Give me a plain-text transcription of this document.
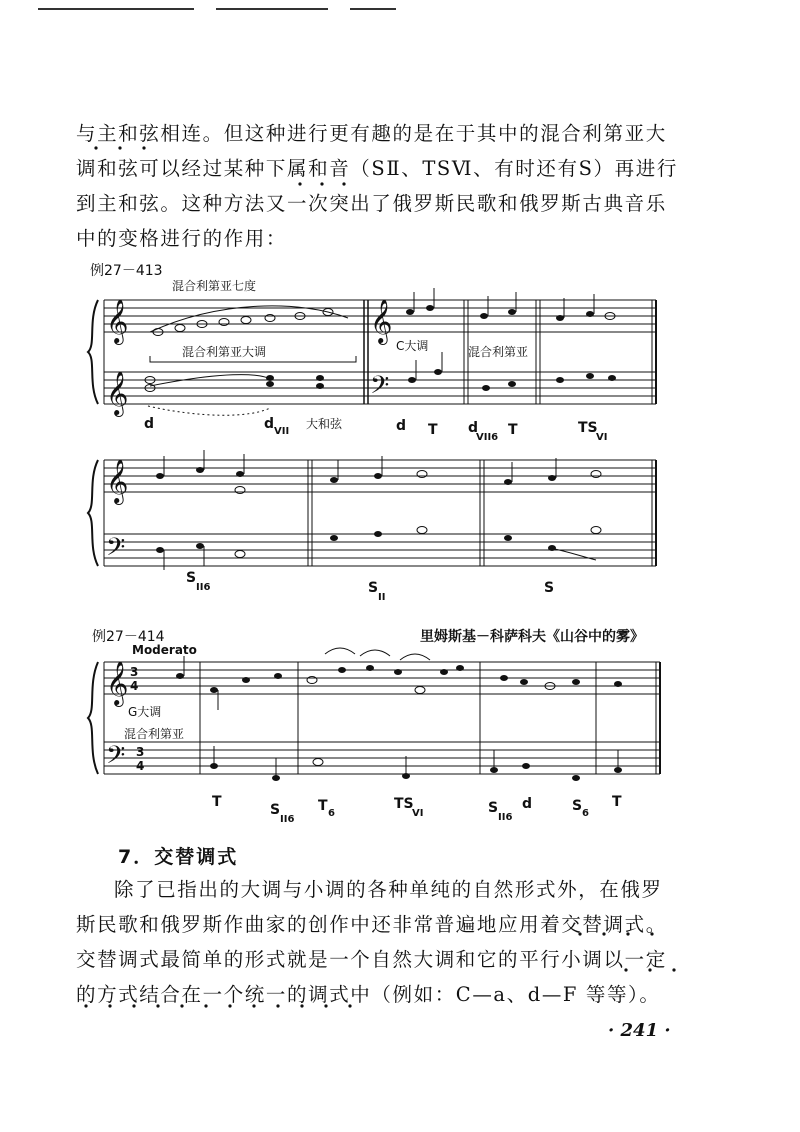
与主和弦相连。但这种进行更有趣的是在于其中的混合利第亚大
调和弦可以经过某种下属和音（SⅡ、TSⅥ、有时还有S）再进行
到主和弦。这种方法又一次突出了俄罗斯民歌和俄罗斯古典音乐
中的变格进行的作用：
例27－413
例27－414	里姆斯基－科萨科夫《山谷中的雾》
𝄞
𝄞
𝄞
𝄢
𝄞
𝄢
𝄞
𝄢
3
4
3
4
混合利第亚七度
混合利第亚大调	C大调	混合利第亚
d	d VII
大和弦	d T d
VII6 T	TS
VI
S
II6	S
II
S
Moderato
G大调
混合利第亚
T	S
II6
T 6
TS
VI	S
II6
d	S 6
T
7．交替调式
除了已指出的大调与小调的各种单纯的自然形式外，在俄罗
斯民歌和俄罗斯作曲家的创作中还非常普遍地应用着交替调式。
交替调式最简单的形式就是一个自然大调和它的平行小调以一定
的方式结合在一个统一的调式中（例如：C—a、d—F 等等）。
· 241 ·
